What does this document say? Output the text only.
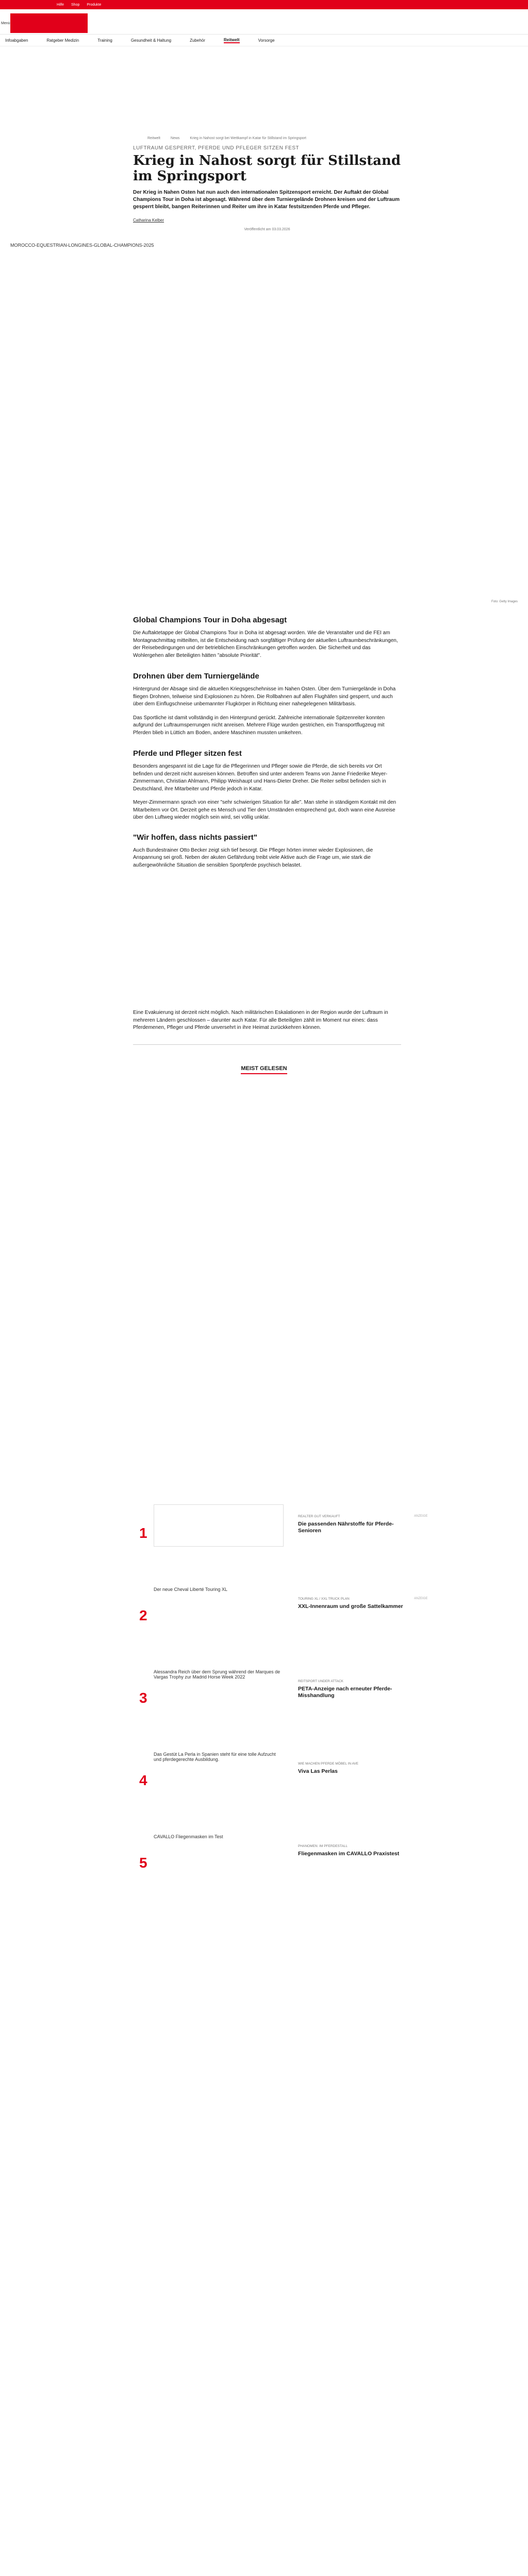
Hilfe Shop Produkte
Menü
Infoabgaben	Ratgeber Medizin	Training	Gesundheit & Haltung	Zubehör	Reitwelt	Vorsorge
Reitwelt	News	Krieg in Nahost sorgt bei Wettkampf in Katar für Stillstand im Springsport
LUFTRAUM GESPERRT, PFERDE UND PFLEGER SITZEN FEST
Krieg in Nahost sorgt für Stillstand im Springsport
Der Krieg in Nahen Osten hat nun auch den internationalen Spitzensport erreicht. Der Auftakt der Global Champions Tour in Doha ist abgesagt. Während über dem Turniergelände Drohnen kreisen und der Luftraum gesperrt bleibt, bangen Reiterinnen und Reiter um ihre in Katar festsitzenden Pferde und Pfleger.
Catharina Kelber
Veröffentlicht am 03.03.2026
MOROCCO-EQUESTRIAN-LONGINES-GLOBAL-CHAMPIONS-2025
Foto: Getty Images
Global Champions Tour in Doha abgesagt

Die Auftaktetappe der Global Champions Tour in Doha ist abgesagt worden. Wie die Veranstalter und die FEI am Montagnachmittag mitteilten, ist die Entscheidung nach sorgfältiger Prüfung der aktuellen Luftraumbeschränkungen, der Reisebedingungen und der betrieblichen Einschränkungen getroffen worden. Die Sicherheit und das Wohlergehen aller Beteiligten hätten "absolute Priorität".

Drohnen über dem Turniergelände

Hintergrund der Absage sind die aktuellen Kriegsgeschehnisse im Nahen Osten. Über dem Turniergelände in Doha fliegen Drohnen, teilweise sind Explosionen zu hören. Die Rollbahnen auf allen Flughäfen sind gesperrt, und auch über dem Einflugschneise unbemannter Flugkörper in Richtung einer nahegelegenen Militärbasis.

Das Sportliche ist damit vollständig in den Hintergrund gerückt. Zahlreiche internationale Spitzenreiter konnten aufgrund der Luftraumsperrungen nicht anreisen. Mehrere Flüge wurden gestrichen, ein Transportflugzeug mit Pferden blieb in Lüttich am Boden, andere Maschinen mussten umkehren.

Pferde und Pfleger sitzen fest

Besonders angespannt ist die Lage für die Pflegerinnen und Pfleger sowie die Pferde, die sich bereits vor Ort befinden und derzeit nicht ausreisen können. Betroffen sind unter anderem Teams von Janne Friederike Meyer-Zimmermann, Christian Ahlmann, Philipp Weishaupt und Hans-Dieter Dreher. Die Reiter selbst befinden sich in Deutschland, ihre Mitarbeiter und Pferde jedoch in Katar.

Meyer-Zimmermann sprach von einer "sehr schwierigen Situation für alle". Man stehe in ständigem Kontakt mit den Mitarbeitern vor Ort. Derzeit gehe es Mensch und Tier den Umständen entsprechend gut, doch wann eine Ausreise über den Luftweg wieder möglich sein wird, sei völlig unklar.

"Wir hoffen, dass nichts passiert"

Auch Bundestrainer Otto Becker zeigt sich tief besorgt. Die Pfleger hörten immer wieder Explosionen, die Anspannung sei groß. Neben der akuten Gefährdung treibt viele Aktive auch die Frage um, wie stark die außergewöhnliche Situation die sensiblen Sportpferde psychisch belastet.

Eine Evakuierung ist derzeit nicht möglich. Nach militärischen Eskalationen in der Region wurde der Luftraum in mehreren Ländern geschlossen – darunter auch Katar. Für alle Beteiligten zählt im Moment nur eines: dass Pferdemenen, Pfleger und Pferde unversehrt in ihre Heimat zurückkehren können.

MEIST GELESEN
1
REALTER GUT VERKAUFT	ANZEIGE
Die passenden Nährstoffe für Pferde-Senioren
2
Der neue Cheval Liberté Touring XL
TOURING XL / XXL TRUCK PLAN	ANZEIGE
XXL-Innenraum und große Sattelkammer
3
Alessandra Reich über dem Sprung während der Marques de Vargas Trophy zur Madrid Horse Week 2022
REITSPORT UNDER ATTACK
PETA-Anzeige nach erneuter Pferde-Misshandlung
4
Das Gestüt La Perla in Spanien steht für eine tolle Aufzucht und pferdegerechte Ausbildung.
WIE MACHEN PFERDE MÖBEL IN AVE
Viva Las Perlas
5
CAVALLO Fliegenmasken im Test
PHANOMEN: IM PFERDESTALL
Fliegenmasken im CAVALLO Praxistest
